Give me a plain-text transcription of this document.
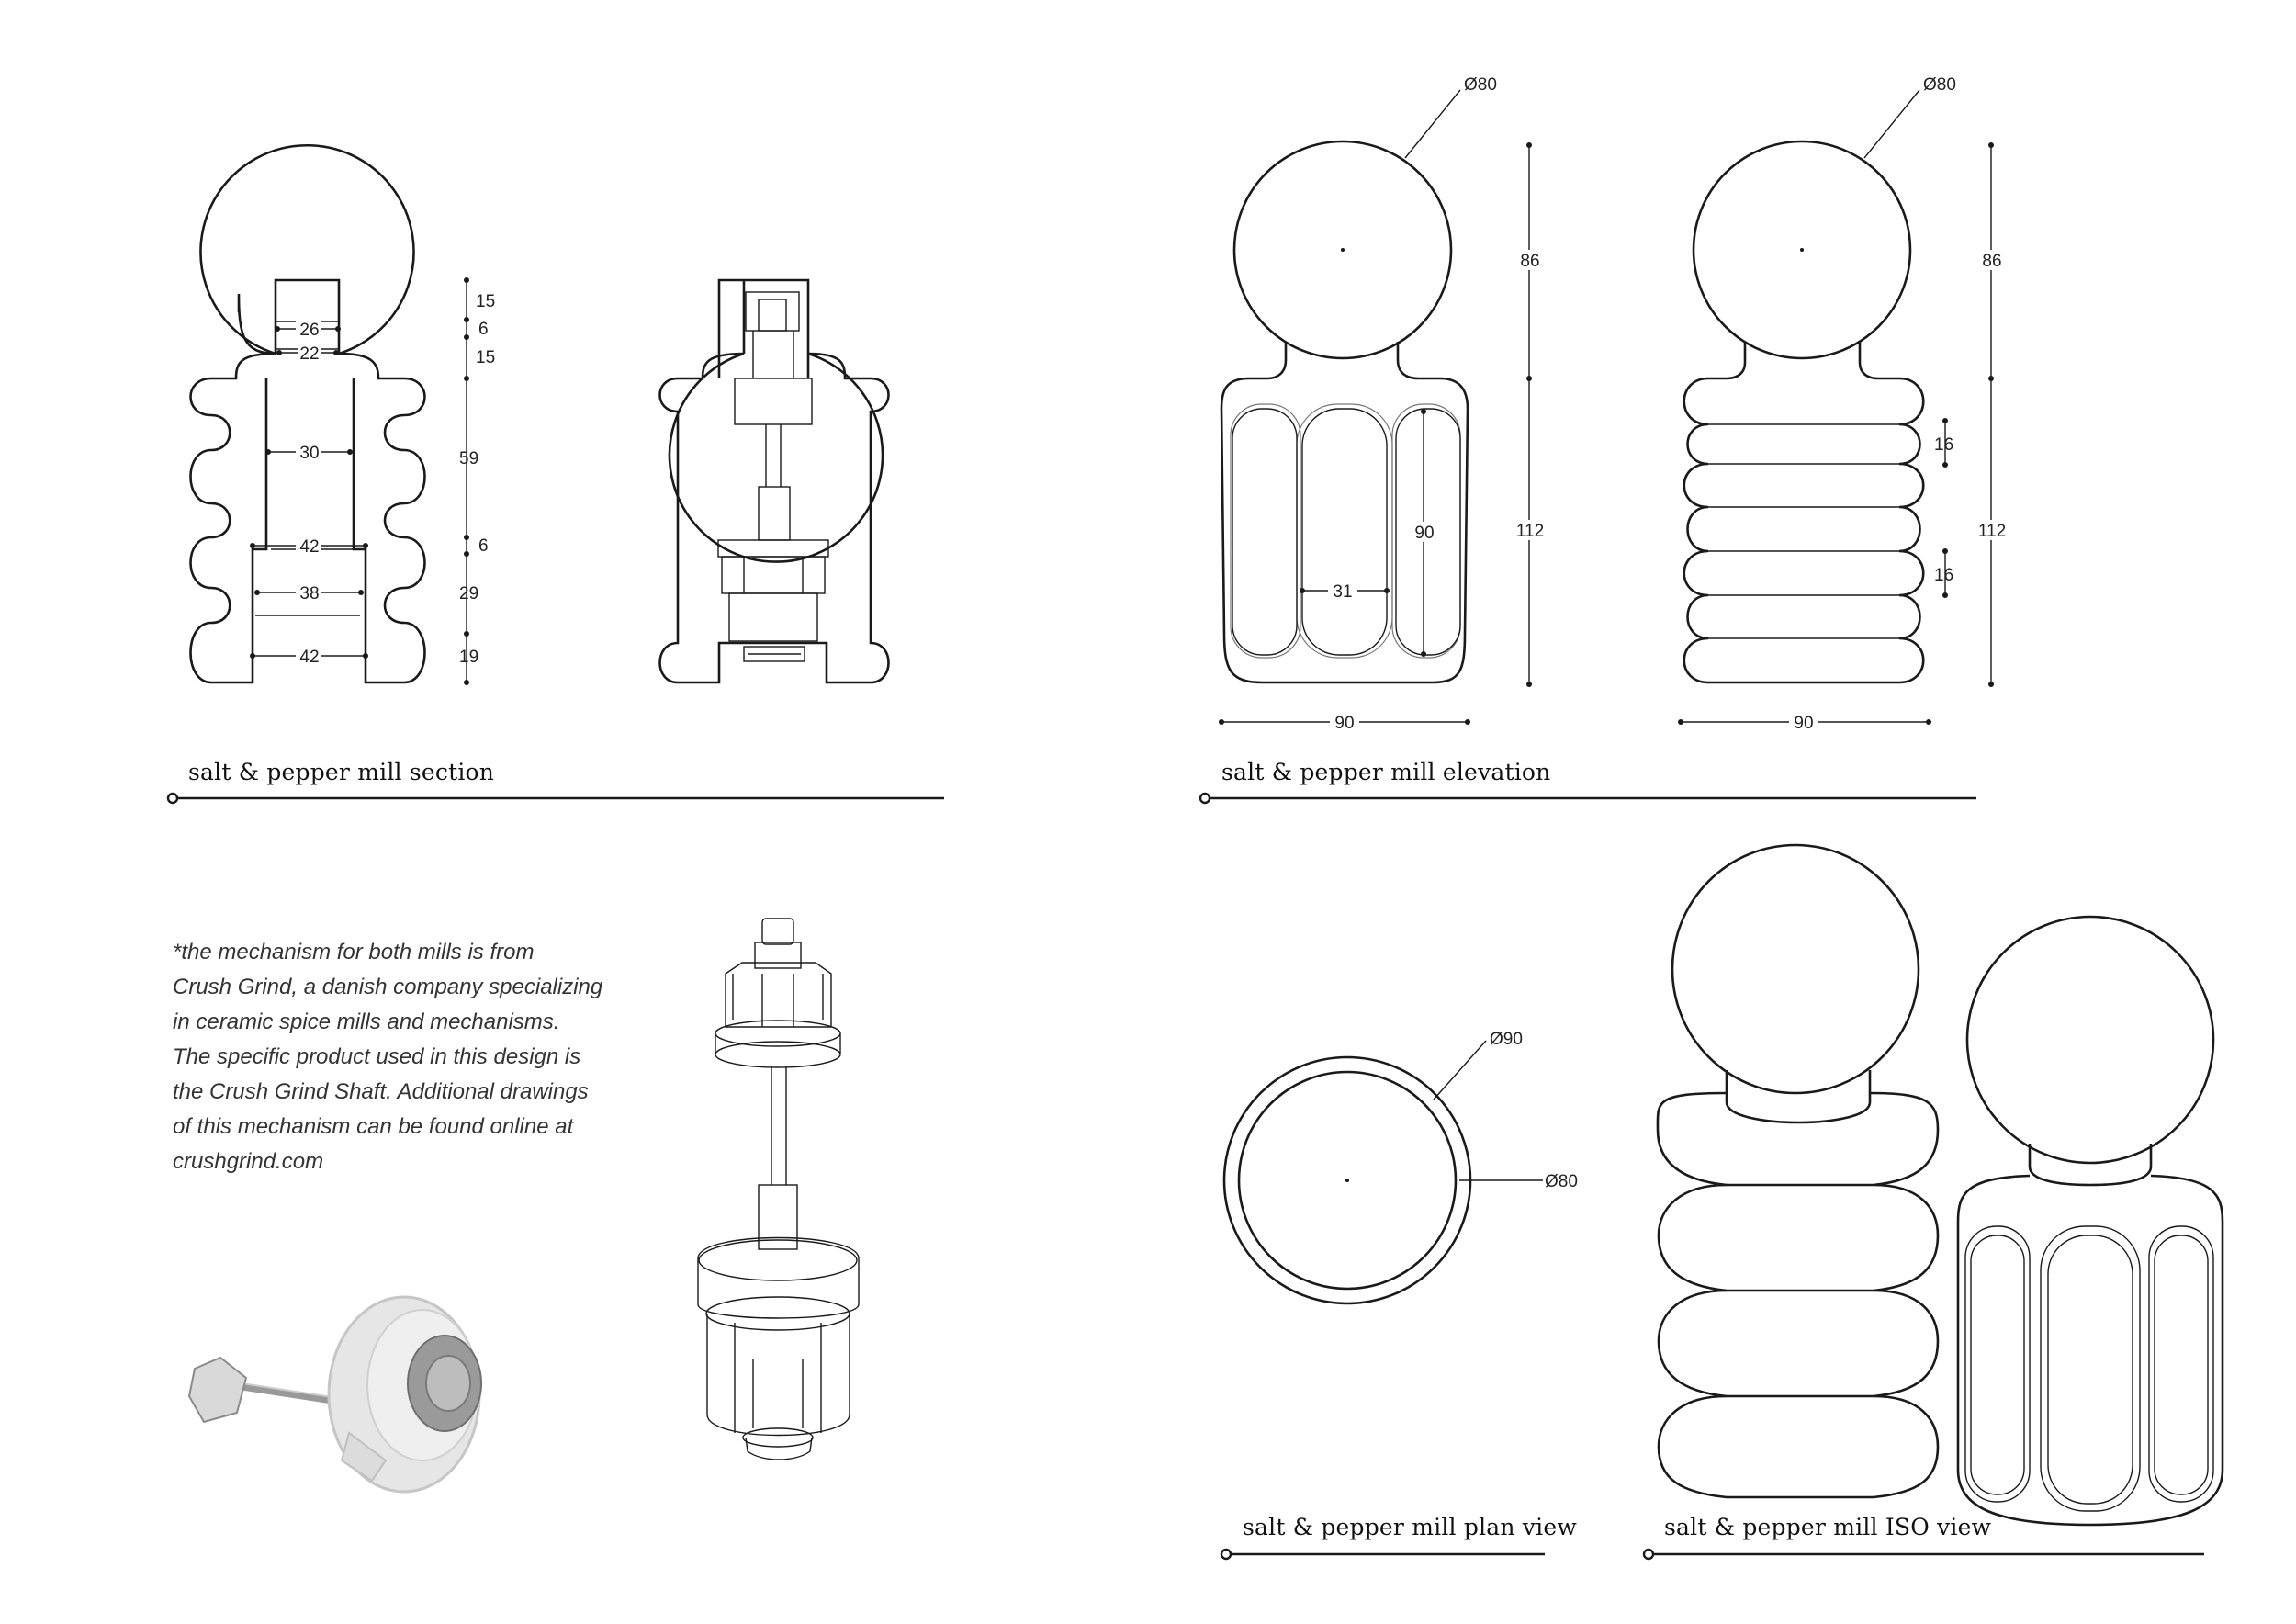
26
22
30
42
38
42
15
6
15
59
6
29
19
Ø80
90
31
86
112
90
Ø80
16
16
86
112
90
Ø90
Ø80
salt & pepper mill section	salt & pepper mill elevation
salt & pepper mill plan view	salt & pepper mill ISO view
*the mechanism for both mills is from
Crush Grind, a danish company specializing
in ceramic spice mills and mechanisms.
The specific product used in this design is
the Crush Grind Shaft. Additional drawings
of this mechanism can be found online at
crushgrind.com
